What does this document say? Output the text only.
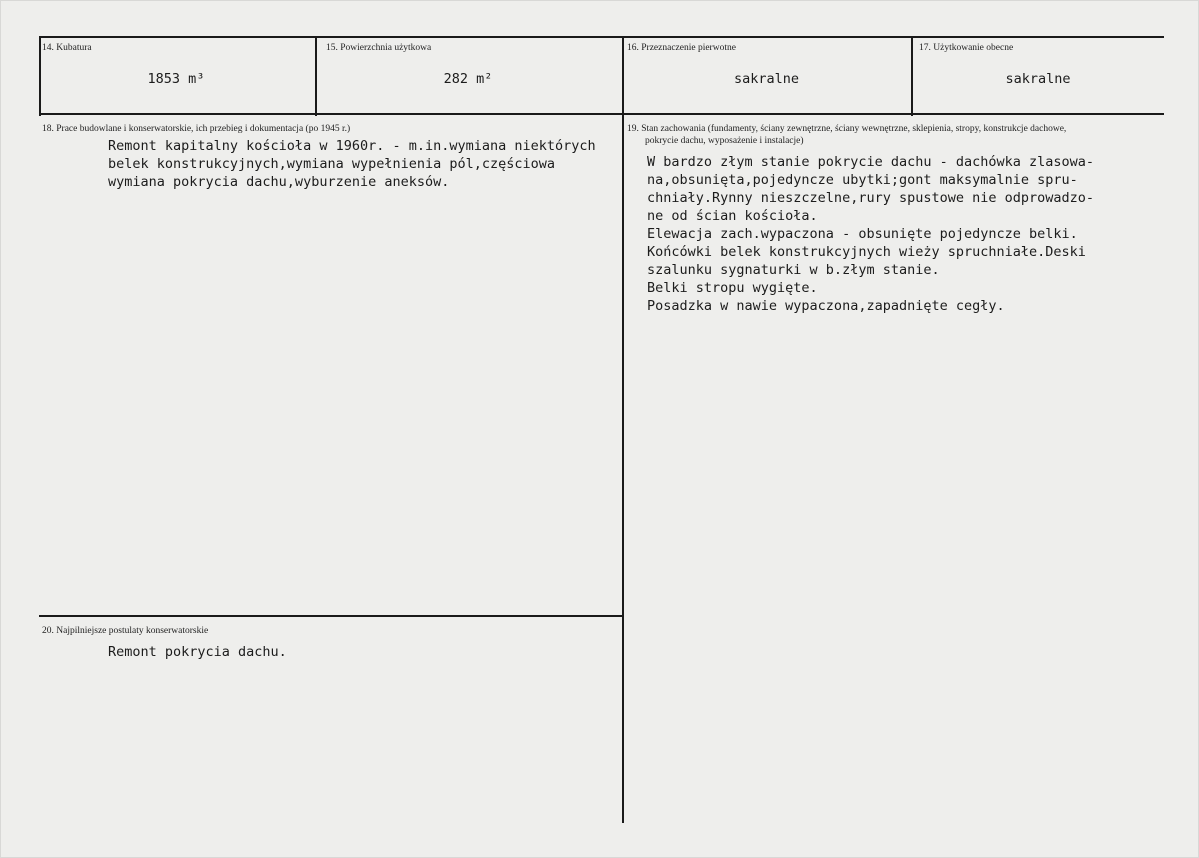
14. Kubatura
1853 m³
15. Powierzchnia użytkowa
282 m²
16. Przeznaczenie pierwotne
sakralne
17. Użytkowanie obecne
sakralne
18. Prace budowlane i konserwatorskie, ich przebieg i dokumentacja (po 1945 r.)
Remont kapitalny kościoła w 1960r. - m.in.wymiana niektórych
belek konstrukcyjnych,wymiana wypełnienia pól,częściowa
wymiana pokrycia dachu,wyburzenie aneksów.
19. Stan zachowania (fundamenty, ściany zewnętrzne, ściany wewnętrzne, sklepienia, stropy, konstrukcje dachowe,
pokrycie dachu, wyposażenie i instalacje)
W bardzo złym stanie pokrycie dachu - dachówka zlasowa-
na,obsunięta,pojedyncze ubytki;gont maksymalnie spru-
chniały.Rynny nieszczelne,rury spustowe nie odprowadzo-
ne od ścian kościoła.
Elewacja zach.wypaczona - obsunięte pojedyncze belki.
Końcówki belek konstrukcyjnych wieży spruchniałe.Deski
szalunku sygnaturki w b.złym stanie.
Belki stropu wygięte.
Posadzka w nawie wypaczona,zapadnięte cegły.
20. Najpilniejsze postulaty konserwatorskie
Remont pokrycia dachu.
